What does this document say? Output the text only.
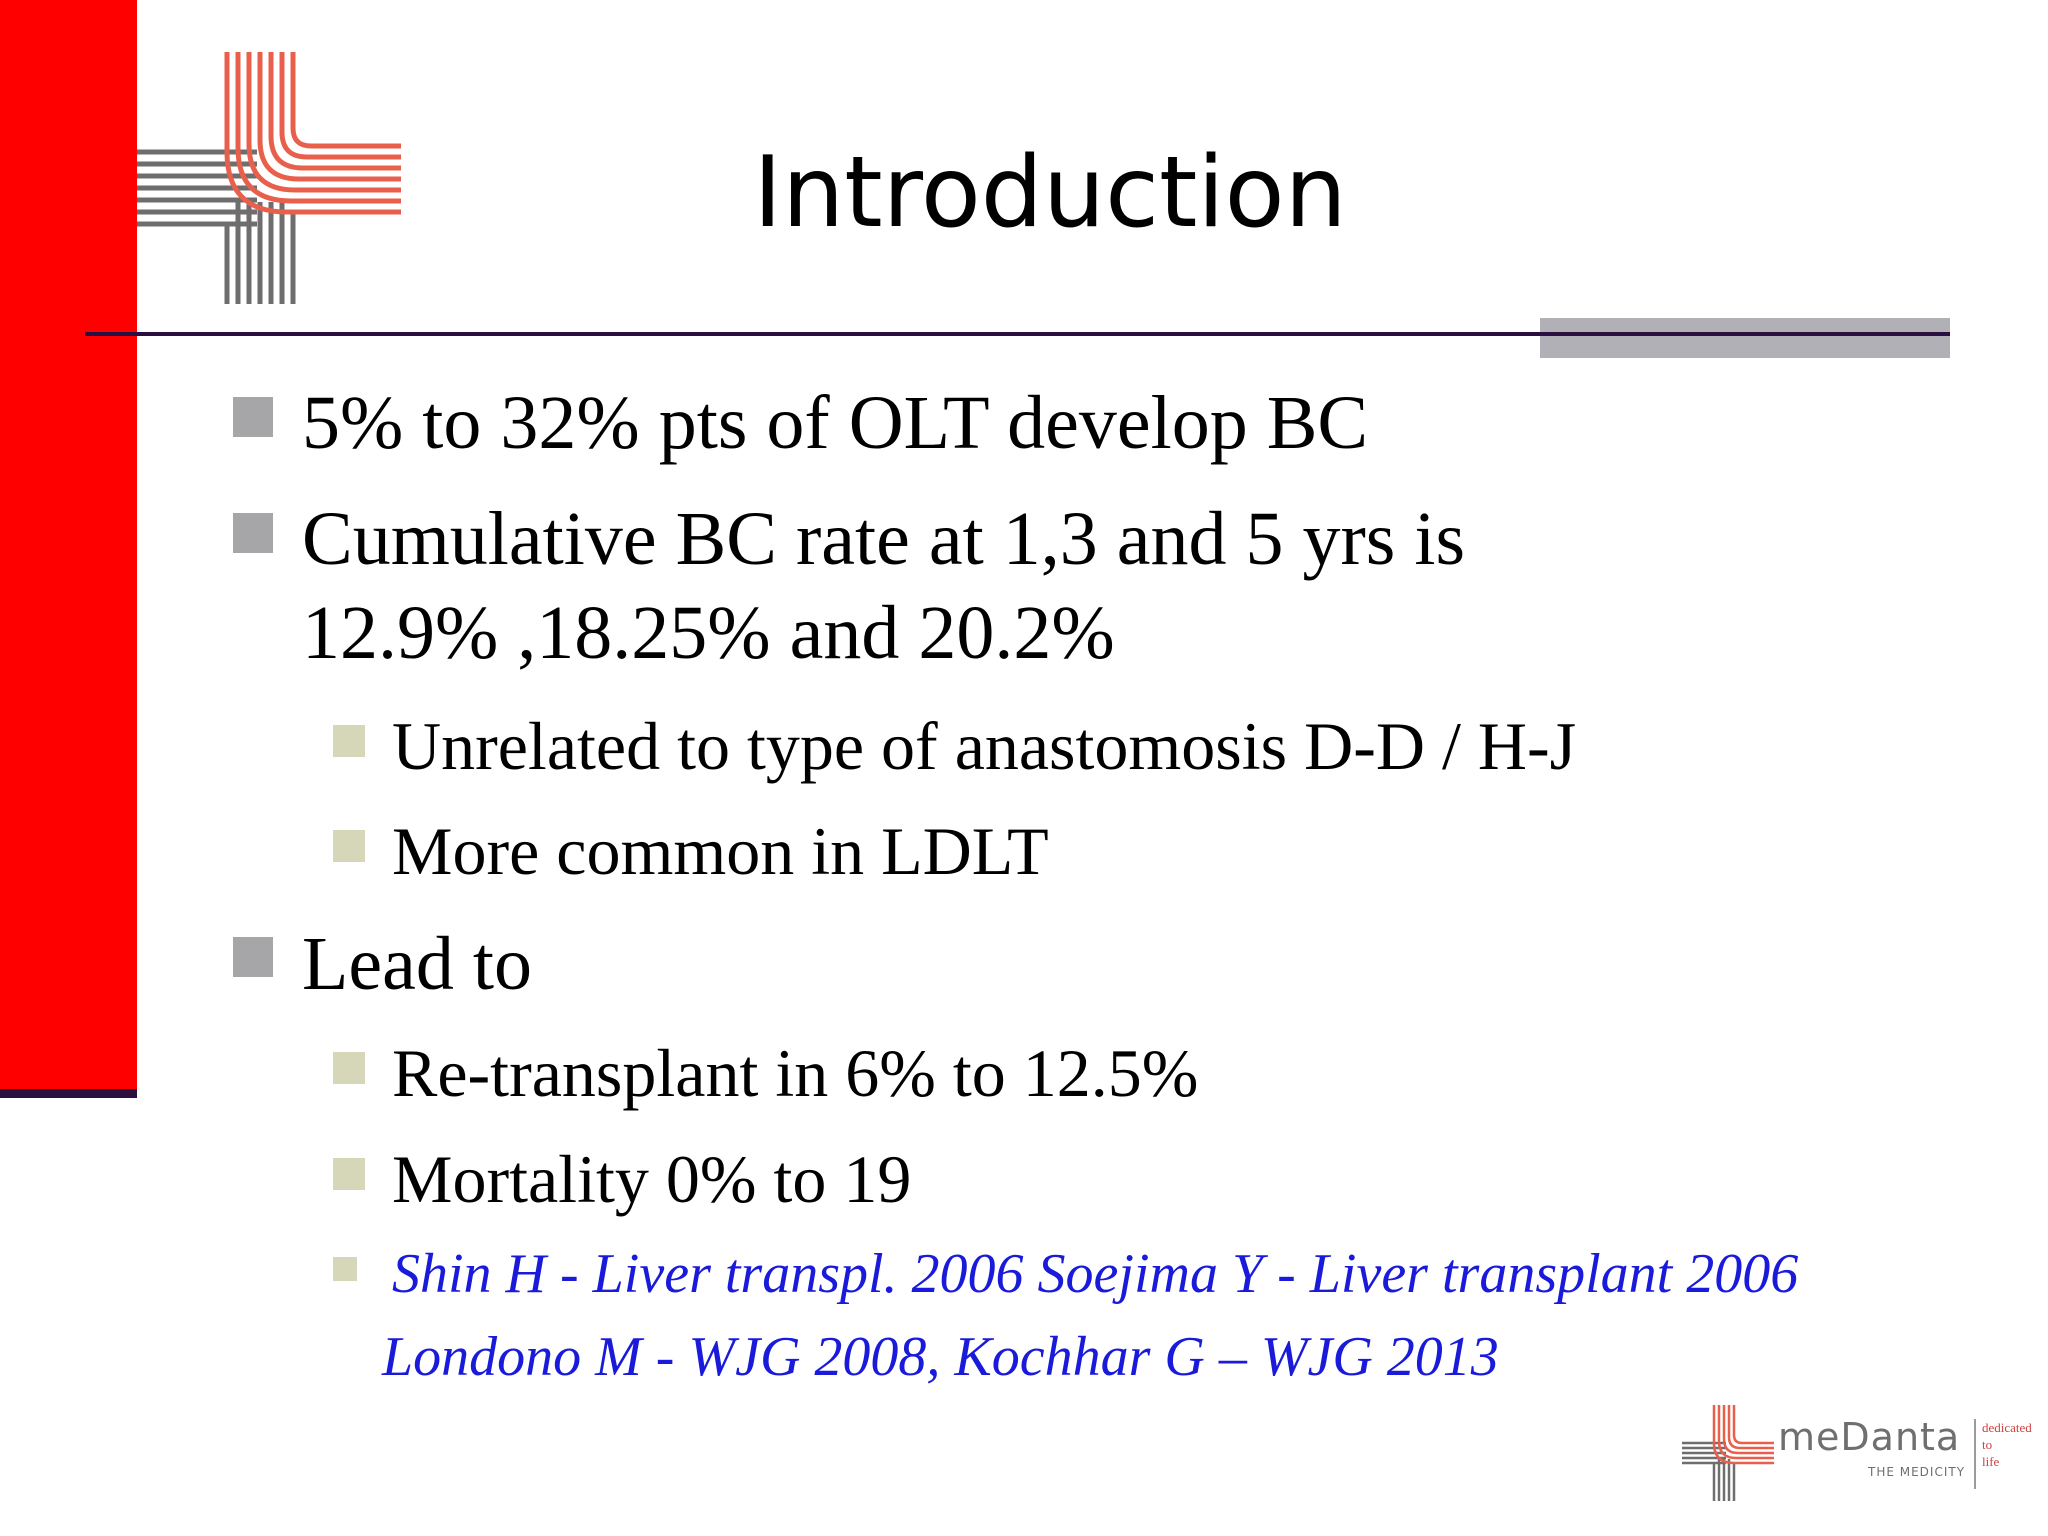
Introduction
5% to 32% pts of OLT develop BC
Cumulative BC rate at 1,3 and 5 yrs is
12.9% ,18.25% and 20.2%
Unrelated to type of anastomosis D-D / H-J
More common in LDLT
Lead to
Re-transplant in 6% to 12.5%
Mortality 0% to 19
Shin H - Liver transpl. 2006 Soejima Y - Liver transplant 2006
Londono M - WJG 2008, Kochhar G – WJG 2013
meDanta
THE MEDICITY
dedicated
to
life
